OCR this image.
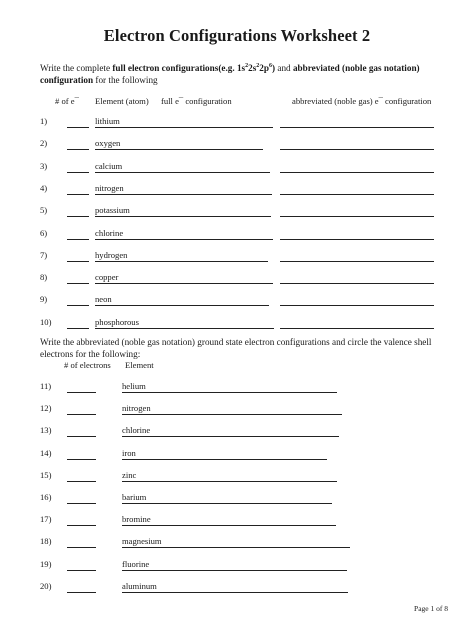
Electron Configurations Worksheet 2
Write the complete full electron configurations(e.g. $1s^22s^22p^6$) and abbreviated (noble gas notation) configuration for the following
# of e¯ Element (atom) full e¯ configuration	abbreviated (noble gas) e¯ configuration
1)	lithium
2)	oxygen
3)	calcium
4)	nitrogen
5)	potassium
6)	chlorine
7)	hydrogen
8)	copper
9)	neon
10)	phosphorous
Write the abbreviated (noble gas notation) ground state electron configurations and circle the valence shell electrons for the following:
# of electrons Element
11)	helium
12)	nitrogen
13)	chlorine
14)	iron
15)	zinc
16)	barium
17)	bromine
18)	magnesium
19)	fluorine
20)	aluminum
Page 1 of 8
